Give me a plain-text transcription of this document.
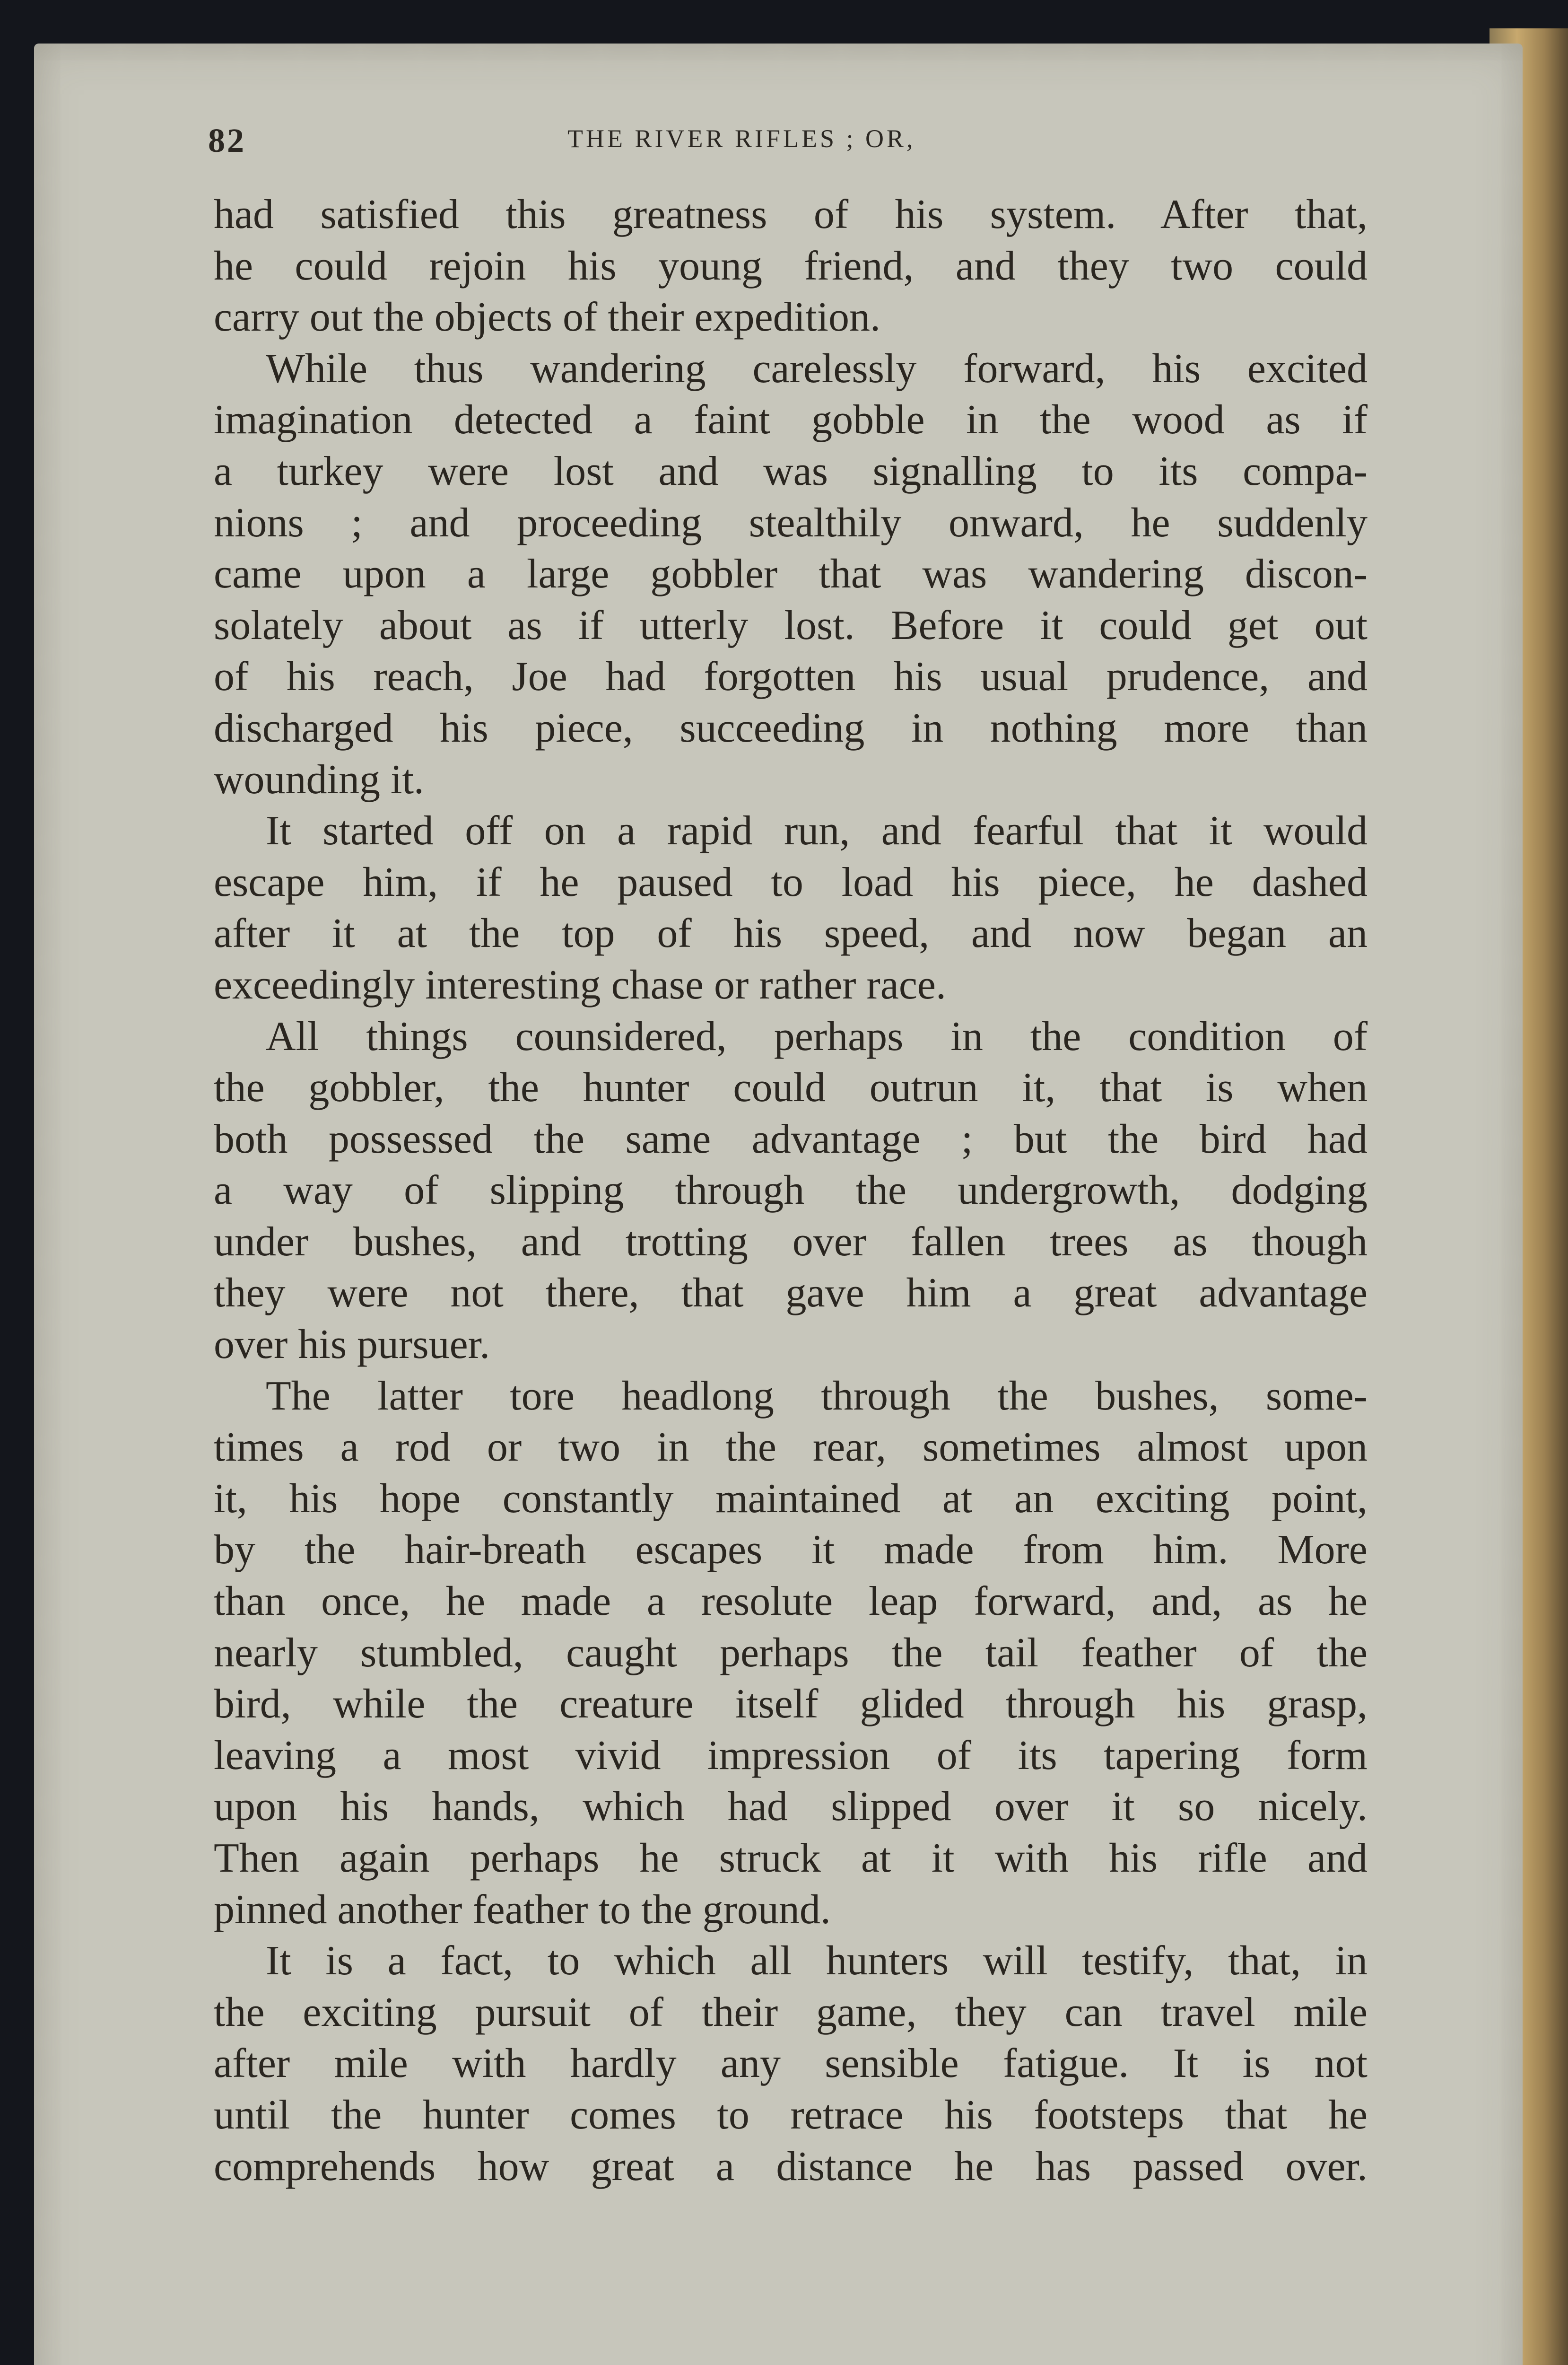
82	THE RIVER RIFLES ; OR,
had satisfied this greatness of his system. After that,
he could rejoin his young friend, and they two could
carry out the objects of their expedition.
While thus wandering carelessly forward, his excited
imagination detected a faint gobble in the wood as if
a turkey were lost and was signalling to its compa-
nions ; and proceeding stealthily onward, he suddenly
came upon a large gobbler that was wandering discon-
solately about as if utterly lost. Before it could get out
of his reach, Joe had forgotten his usual prudence, and
discharged his piece, succeeding in nothing more than
wounding it.
It started off on a rapid run, and fearful that it would
escape him, if he paused to load his piece, he dashed
after it at the top of his speed, and now began an
exceedingly interesting chase or rather race.
All things counsidered, perhaps in the condition of
the gobbler, the hunter could outrun it, that is when
both possessed the same advantage ; but the bird had
a way of slipping through the undergrowth, dodging
under bushes, and trotting over fallen trees as though
they were not there, that gave him a great advantage
over his pursuer.
The latter tore headlong through the bushes, some-
times a rod or two in the rear, sometimes almost upon
it, his hope constantly maintained at an exciting point,
by the hair-breath escapes it made from him. More
than once, he made a resolute leap forward, and, as he
nearly stumbled, caught perhaps the tail feather of the
bird, while the creature itself glided through his grasp,
leaving a most vivid impression of its tapering form
upon his hands, which had slipped over it so nicely.
Then again perhaps he struck at it with his rifle and
pinned another feather to the ground.
It is a fact, to which all hunters will testify, that, in
the exciting pursuit of their game, they can travel mile
after mile with hardly any sensible fatigue. It is not
until the hunter comes to retrace his footsteps that he
comprehends how great a distance he has passed over.
